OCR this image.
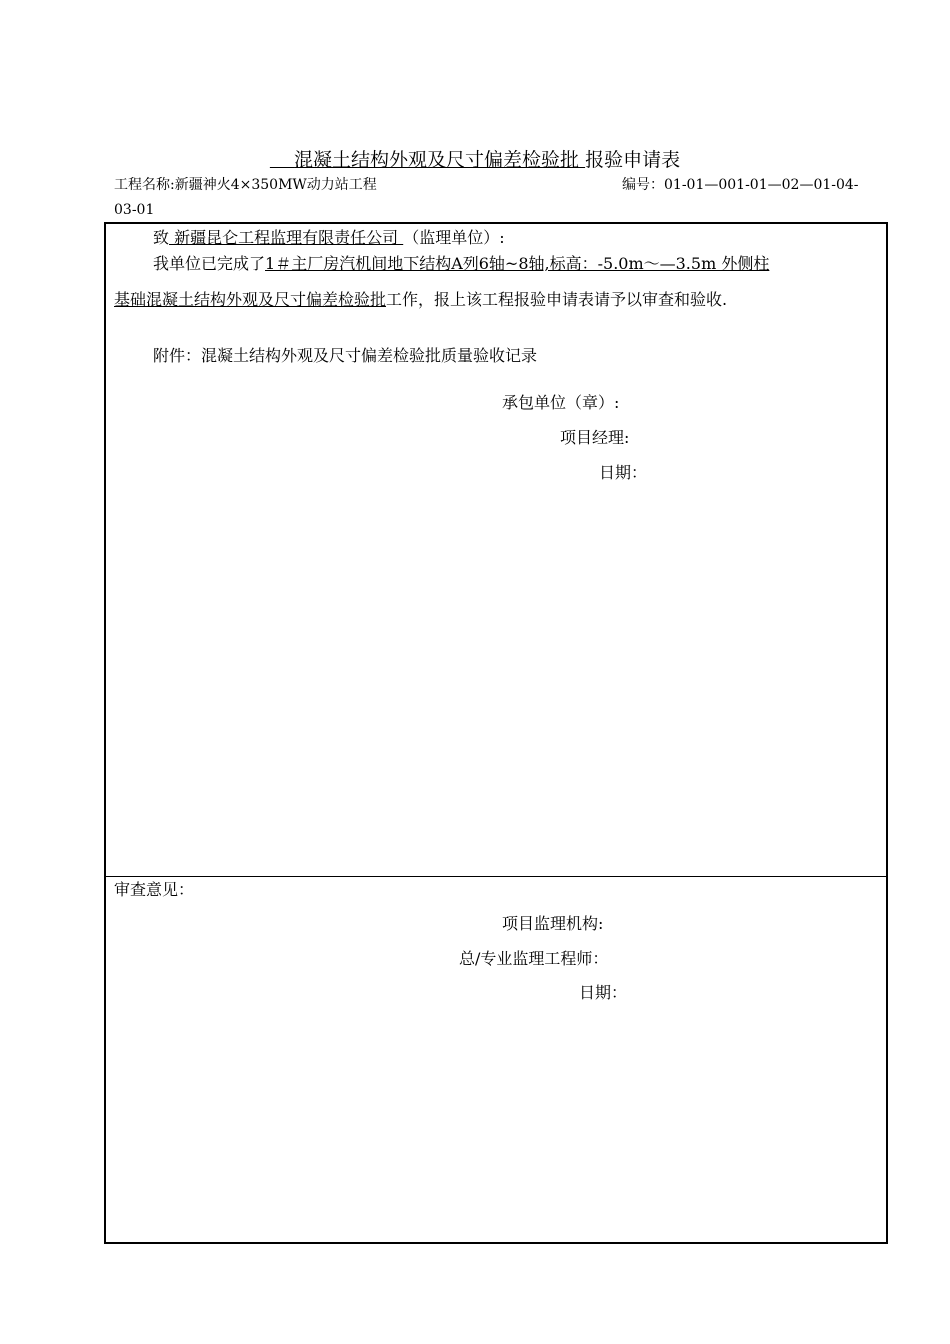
混凝土结构外观及尺寸偏差检验批 报验申请表
工程名称:新疆神火4×350MW动力站工程	编号：01-01—001-01—02—01-04-
03-01
致 新疆昆仑工程监理有限责任公司 （监理单位）:
我单位已完成了1＃主厂房汽机间地下结构A列6轴~8轴,标高：-5.0m～—3.5m 外侧柱
基础混凝土结构外观及尺寸偏差检验批工作，报上该工程报验申请表请予以审查和验收.
附件：混凝土结构外观及尺寸偏差检验批质量验收记录
承包单位（章）:
项目经理:
日期：
审查意见：
项目监理机构:
总/专业监理工程师：
日期：
